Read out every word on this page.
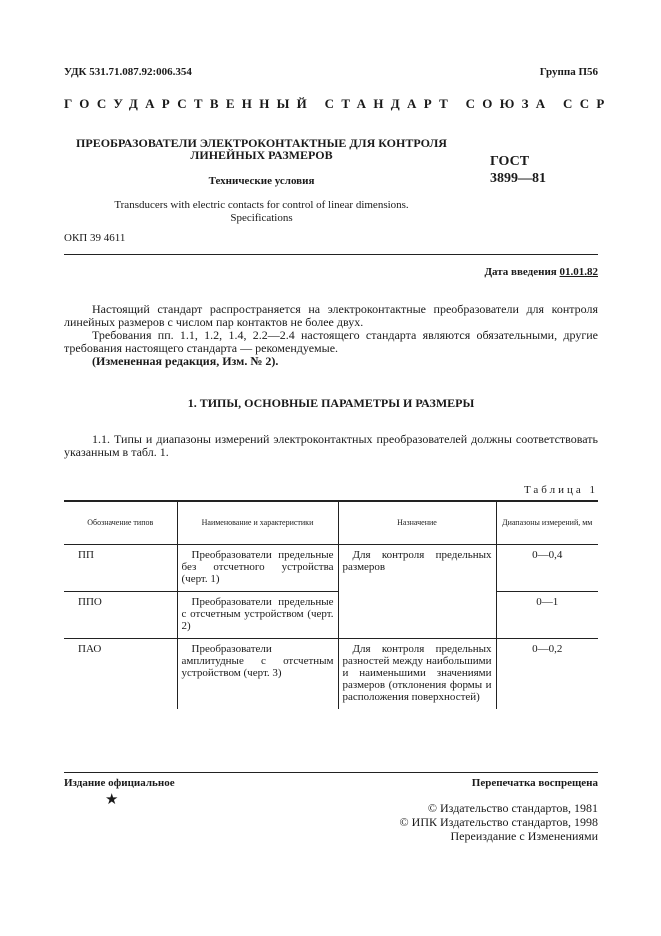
УДК 531.71.087.92:006.354	Группа П56
ГОСУДАРСТВЕННЫЙ СТАНДАРТ СОЮЗА ССР
ПРЕОБРАЗОВАТЕЛИ ЭЛЕКТРОКОНТАКТНЫЕ ДЛЯ КОНТРОЛЯ
ЛИНЕЙНЫХ РАЗМЕРОВ
Технические условия
Transducers with electric contacts for control of linear dimensions.
Specifications
ГОСТ
3899—81
ОКП 39 4611
Дата введения 01.01.82
Настоящий стандарт распространяется на электроконтактные преобразователи для контроля линейных размеров с числом пар контактов не более двух.
Требования пп. 1.1, 1.2, 1.4, 2.2—2.4 настоящего стандарта являются обязательными, другие требования настоящего стандарта — рекомендуемые.
(Измененная редакция, Изм. № 2).
1. ТИПЫ, ОСНОВНЫЕ ПАРАМЕТРЫ И РАЗМЕРЫ
1.1. Типы и диапазоны измерений электроконтактных преобразователей должны соответствовать указанным в табл. 1.
Таблица 1
Обозначение типов	Наименование и характеристики	Назначение	Диапазоны измерений, мм
ПП	Преобразователи предельные без отсчетного устройства (черт. 1)	Для контроля предельных размеров	0—0,4
ППО	Преобразователи предельные с отсчетным устройством (черт. 2)		0—1
ПАО	Преобразователи амплитудные с отсчетным устройством (черт. 3)	Для контроля предельных разностей между наибольшими и наименьшими значениями размеров (отклонения формы и расположения поверхностей)	0—0,2
Издание официальное	Перепечатка воспрещена
★	© Издательство стандартов, 1981
© ИПК Издательство стандартов, 1998
Переиздание с Изменениями
